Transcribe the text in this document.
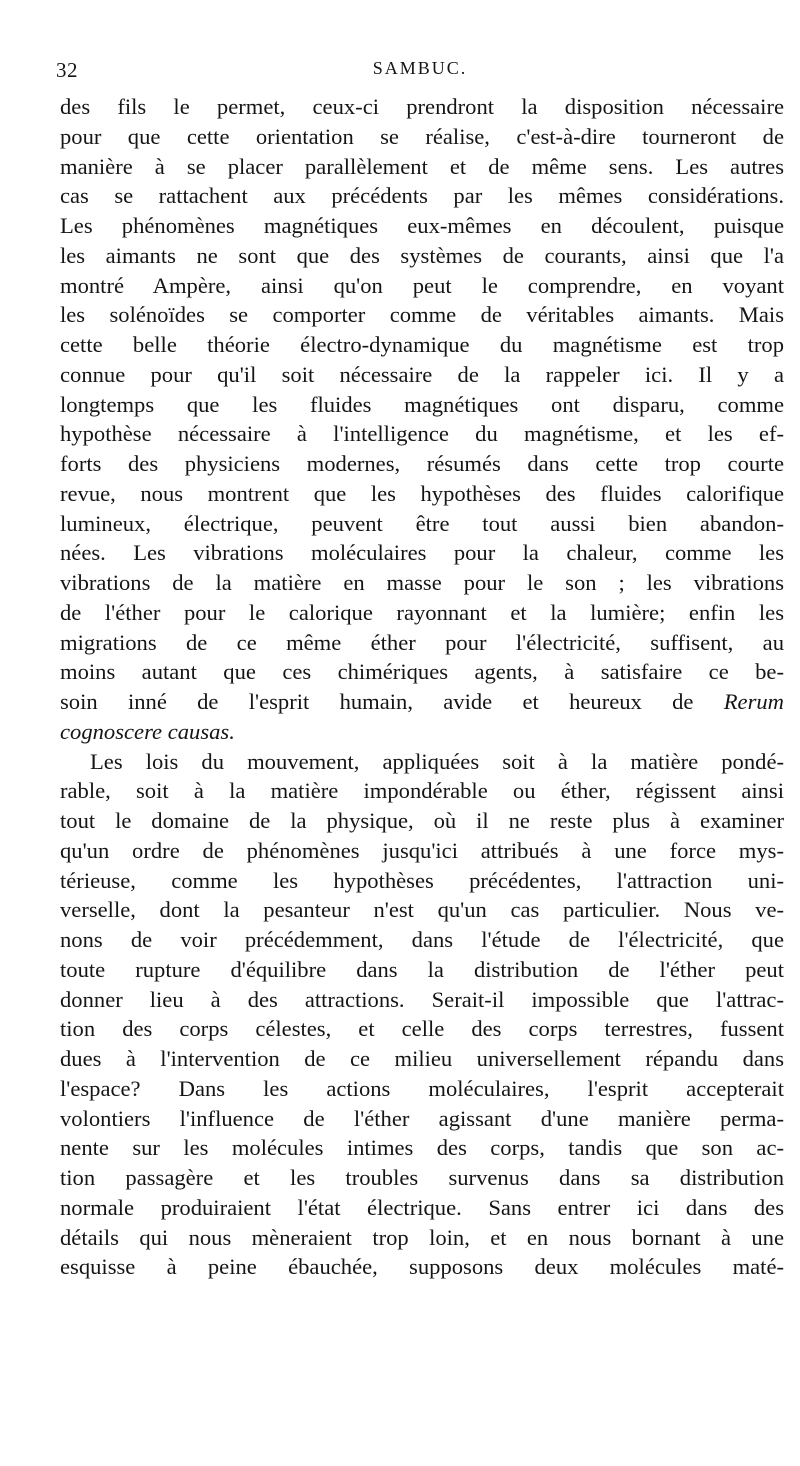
32	SAMBUC.
des fils le permet, ceux-ci prendront la disposition nécessaire
pour que cette orientation se réalise, c'est-à-dire tourneront de
manière à se placer parallèlement et de même sens. Les autres
cas se rattachent aux précédents par les mêmes considérations.
Les phénomènes magnétiques eux-mêmes en découlent, puisque
les aimants ne sont que des systèmes de courants, ainsi que l'a
montré Ampère, ainsi qu'on peut le comprendre, en voyant
les solénoïdes se comporter comme de véritables aimants. Mais
cette belle théorie électro-dynamique du magnétisme est trop
connue pour qu'il soit nécessaire de la rappeler ici. Il y a
longtemps que les fluides magnétiques ont disparu, comme
hypothèse nécessaire à l'intelligence du magnétisme, et les ef-
forts des physiciens modernes, résumés dans cette trop courte
revue, nous montrent que les hypothèses des fluides calorifique
lumineux, électrique, peuvent être tout aussi bien abandon-
nées. Les vibrations moléculaires pour la chaleur, comme les
vibrations de la matière en masse pour le son ; les vibrations
de l'éther pour le calorique rayonnant et la lumière; enfin les
migrations de ce même éther pour l'électricité, suffisent, au
moins autant que ces chimériques agents, à satisfaire ce be-
soin inné de l'esprit humain, avide et heureux de Rerum
cognoscere causas.
Les lois du mouvement, appliquées soit à la matière pondé-
rable, soit à la matière impondérable ou éther, régissent ainsi
tout le domaine de la physique, où il ne reste plus à examiner
qu'un ordre de phénomènes jusqu'ici attribués à une force mys-
térieuse, comme les hypothèses précédentes, l'attraction uni-
verselle, dont la pesanteur n'est qu'un cas particulier. Nous ve-
nons de voir précédemment, dans l'étude de l'électricité, que
toute rupture d'équilibre dans la distribution de l'éther peut
donner lieu à des attractions. Serait-il impossible que l'attrac-
tion des corps célestes, et celle des corps terrestres, fussent
dues à l'intervention de ce milieu universellement répandu dans
l'espace? Dans les actions moléculaires, l'esprit accepterait
volontiers l'influence de l'éther agissant d'une manière perma-
nente sur les molécules intimes des corps, tandis que son ac-
tion passagère et les troubles survenus dans sa distribution
normale produiraient l'état électrique. Sans entrer ici dans des
détails qui nous mèneraient trop loin, et en nous bornant à une
esquisse à peine ébauchée, supposons deux molécules maté-
